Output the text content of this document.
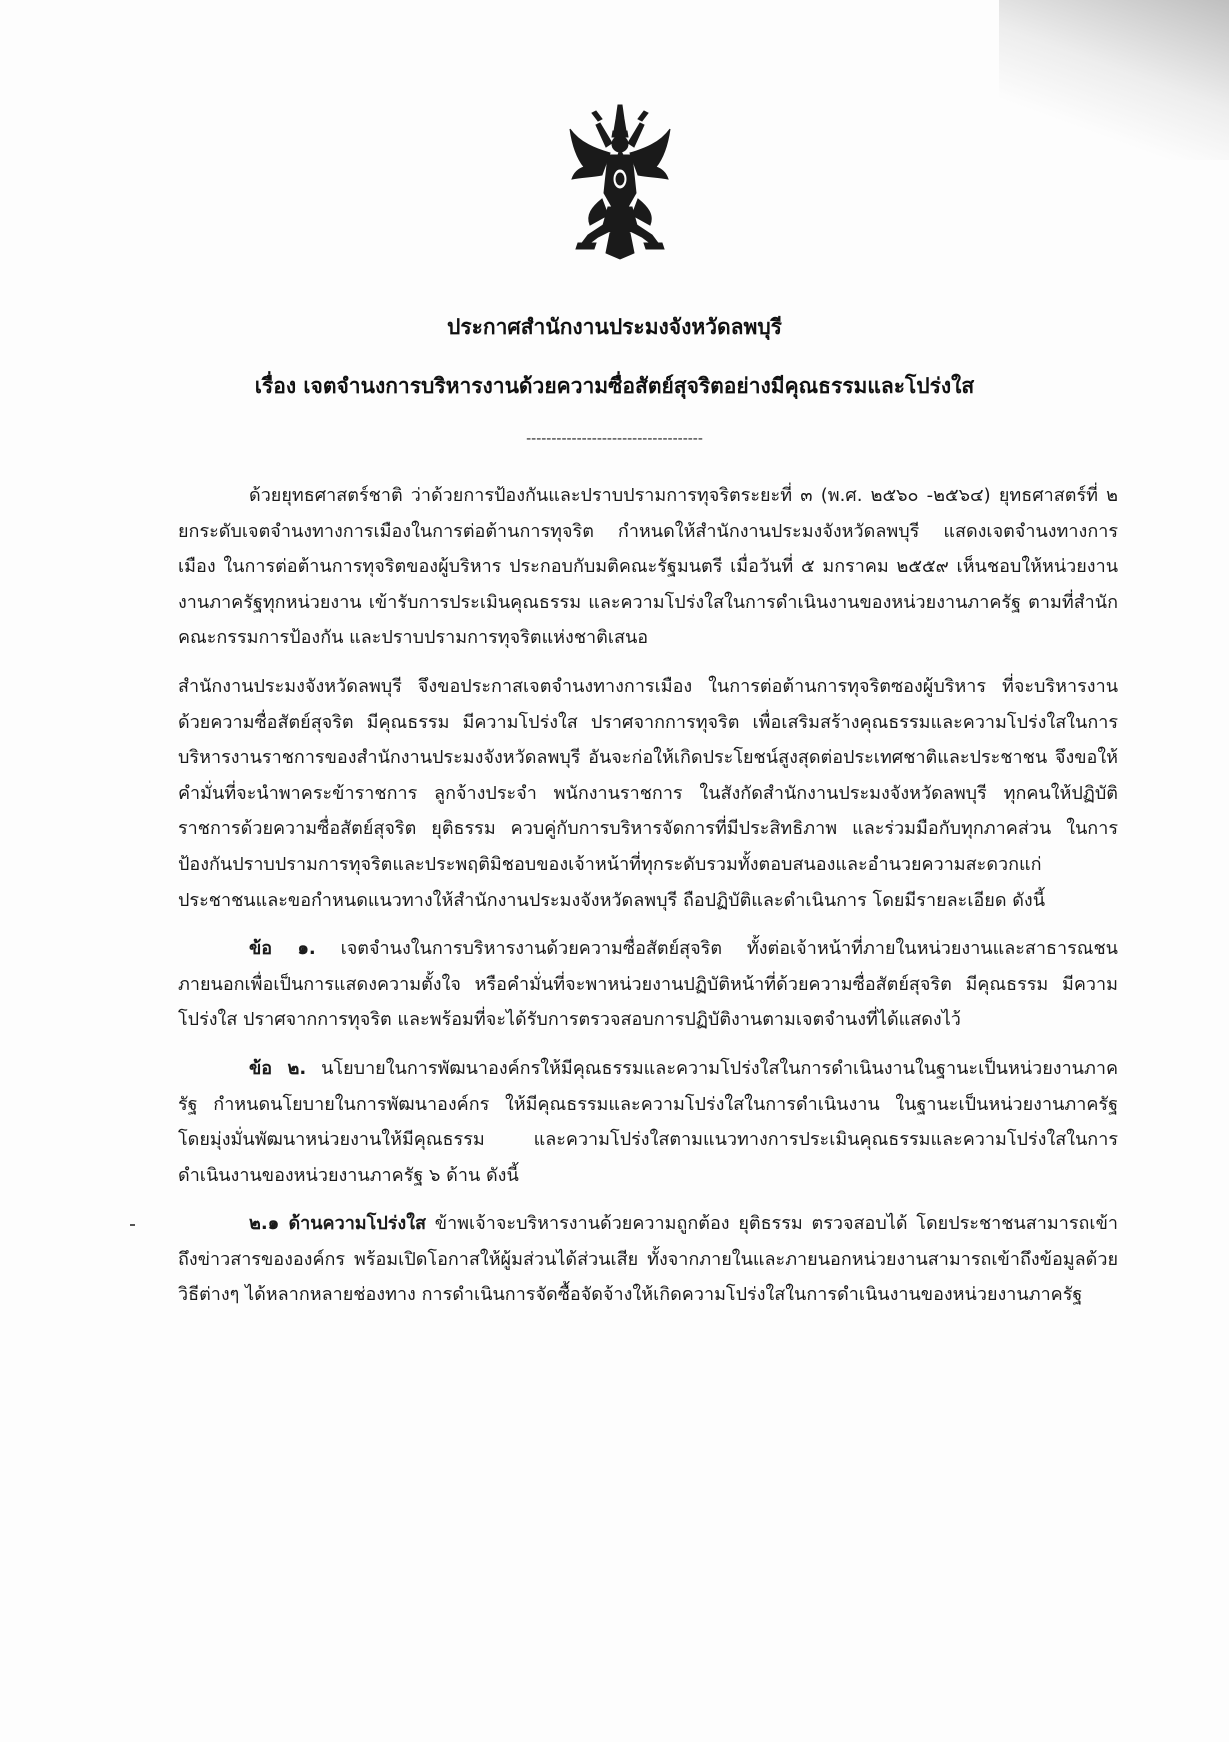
ประกาศสำนักงานประมงจังหวัดลพบุรี
เรื่อง เจตจำนงการบริหารงานด้วยความซื่อสัตย์สุจริตอย่างมีคุณธรรมและโปร่งใส
-----------------------------------

ด้วยยุทธศาสตร์ชาติ ว่าด้วยการป้องกันและปราบปรามการทุจริตระยะที่ ๓ (พ.ศ. ๒๕๖๐ -๒๕๖๔) ยุทธศาสตร์ที่ ๒ ยกระดับเจตจำนงทางการเมืองในการต่อต้านการทุจริต กำหนดให้สำนักงานประมงจังหวัดลพบุรี แสดงเจตจำนงทางการเมือง ในการต่อต้านการทุจริตของผู้บริหาร ประกอบกับมติคณะรัฐมนตรี เมื่อวันที่ ๕ มกราคม ๒๕๕๙ เห็นชอบให้หน่วยงานงานภาครัฐทุกหน่วยงาน เข้ารับการประเมินคุณธรรม และความโปร่งใสในการดำเนินงานของหน่วยงานภาครัฐ ตามที่สำนักคณะกรรมการป้องกัน และปราบปรามการทุจริตแห่งชาติเสนอ

สำนักงานประมงจังหวัดลพบุรี จึงขอประกาสเจตจำนงทางการเมือง ในการต่อต้านการทุจริตซองผู้บริหาร ที่จะบริหารงานด้วยความซื่อสัตย์สุจริต มีคุณธรรม มีความโปร่งใส ปราศจากการทุจริต เพื่อเสริมสร้างคุณธรรมและความโปร่งใสในการบริหารงานราชการของสำนักงานประมงจังหวัดลพบุรี อันจะก่อให้เกิดประโยชน์สูงสุดต่อประเทศชาติและประชาชน จึงขอให้คำมั่นที่จะนำพาคระข้าราชการ ลูกจ้างประจำ พนักงานราชการ ในสังกัดสำนักงานประมงจังหวัดลพบุรี ทุกคนให้ปฏิบัติราชการด้วยความซื่อสัตย์สุจริต ยุติธรรม ควบคู่กับการบริหารจัดการที่มีประสิทธิภาพ และร่วมมือกับทุกภาคส่วน ในการป้องกันปราบปรามการทุจริตและประพฤติมิชอบของเจ้าหน้าที่ทุกระดับรวมทั้งตอบสนองและอำนวยความสะดวกแก่ประชาชนและขอกำหนดแนวทางให้สำนักงานประมงจังหวัดลพบุรี ถือปฏิบัติและดำเนินการ โดยมีรายละเอียด ดังนี้

ข้อ ๑. เจตจำนงในการบริหารงานด้วยความซื่อสัตย์สุจริต ทั้งต่อเจ้าหน้าที่ภายในหน่วยงานและสาธารณชนภายนอกเพื่อเป็นการแสดงความตั้งใจ หรือคำมั่นที่จะพาหน่วยงานปฏิบัติหน้าที่ด้วยความซื่อสัตย์สุจริต มีคุณธรรม มีความโปร่งใส ปราศจากการทุจริต และพร้อมที่จะได้รับการตรวจสอบการปฏิบัติงานตามเจตจำนงที่ได้แสดงไว้

ข้อ ๒. นโยบายในการพัฒนาองค์กรให้มีคุณธรรมและความโปร่งใสในการดำเนินงานในฐานะเป็นหน่วยงานภาครัฐ กำหนดนโยบายในการพัฒนาองค์กร ให้มีคุณธรรมและความโปร่งใสในการดำเนินงาน ในฐานะเป็นหน่วยงานภาครัฐ โดยมุ่งมั่นพัฒนาหน่วยงานให้มีคุณธรรม และความโปร่งใสตามแนวทางการประเมินคุณธรรมและความโปร่งใสในการดำเนินงานของหน่วยงานภาครัฐ ๖ ด้าน ดังนี้

๒.๑ ด้านความโปร่งใส ข้าพเจ้าจะบริหารงานด้วยความถูกต้อง ยุติธรรม ตรวจสอบได้ โดยประชาชนสามารถเข้าถึงข่าวสารขององค์กร พร้อมเปิดโอกาสให้ผู้มส่วนได้ส่วนเสีย ทั้งจากภายในและภายนอกหน่วยงานสามารถเข้าถึงข้อมูลด้วยวิธีต่างๆ ได้หลากหลายช่องทาง การดำเนินการจัดซื้อจัดจ้างให้เกิดความโปร่งใสในการดำเนินงานของหน่วยงานภาครัฐ
